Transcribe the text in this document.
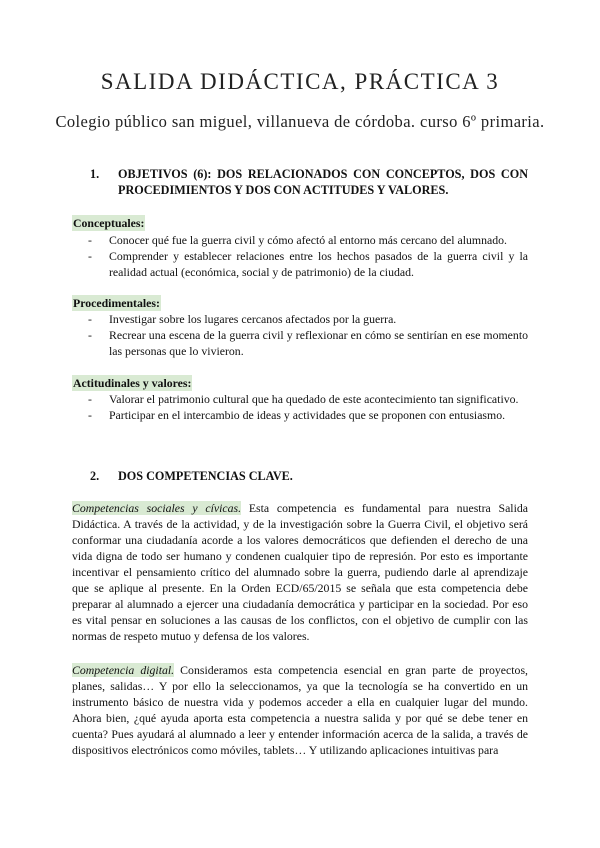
SALIDA DIDÁCTICA, PRÁCTICA 3
Colegio público san miguel, villanueva de córdoba. curso 6º primaria.
1.	OBJETIVOS (6): DOS RELACIONADOS CON CONCEPTOS, DOS CON PROCEDIMIENTOS Y DOS CON ACTITUDES Y VALORES.
Conceptuales:
- Conocer qué fue la guerra civil y cómo afectó al entorno más cercano del alumnado.
- Comprender y establecer relaciones entre los hechos pasados de la guerra civil y la realidad actual (económica, social y de patrimonio) de la ciudad.
Procedimentales:
- Investigar sobre los lugares cercanos afectados por la guerra.
- Recrear una escena de la guerra civil y reflexionar en cómo se sentirían en ese momento las personas que lo vivieron.
Actitudinales y valores:
- Valorar el patrimonio cultural que ha quedado de este acontecimiento tan significativo.
- Participar en el intercambio de ideas y actividades que se proponen con entusiasmo.
2.	DOS COMPETENCIAS CLAVE.

Competencias sociales y cívicas. Esta competencia es fundamental para nuestra Salida Didáctica. A través de la actividad, y de la investigación sobre la Guerra Civil, el objetivo será conformar una ciudadanía acorde a los valores democráticos que defienden el derecho de una vida digna de todo ser humano y condenen cualquier tipo de represión. Por esto es importante incentivar el pensamiento crítico del alumnado sobre la guerra, pudiendo darle al aprendizaje que se aplique al presente. En la Orden ECD/65/2015 se señala que esta competencia debe preparar al alumnado a ejercer una ciudadanía democrática y participar en la sociedad. Por eso es vital pensar en soluciones a las causas de los conflictos, con el objetivo de cumplir con las normas de respeto mutuo y defensa de los valores.

Competencia digital. Consideramos esta competencia esencial en gran parte de proyectos, planes, salidas… Y por ello la seleccionamos, ya que la tecnología se ha convertido en un instrumento básico de nuestra vida y podemos acceder a ella en cualquier lugar del mundo. Ahora bien, ¿qué ayuda aporta esta competencia a nuestra salida y por qué se debe tener en cuenta? Pues ayudará al alumnado a leer y entender información acerca de la salida, a través de dispositivos electrónicos como móviles, tablets… Y utilizando aplicaciones intuitivas para
